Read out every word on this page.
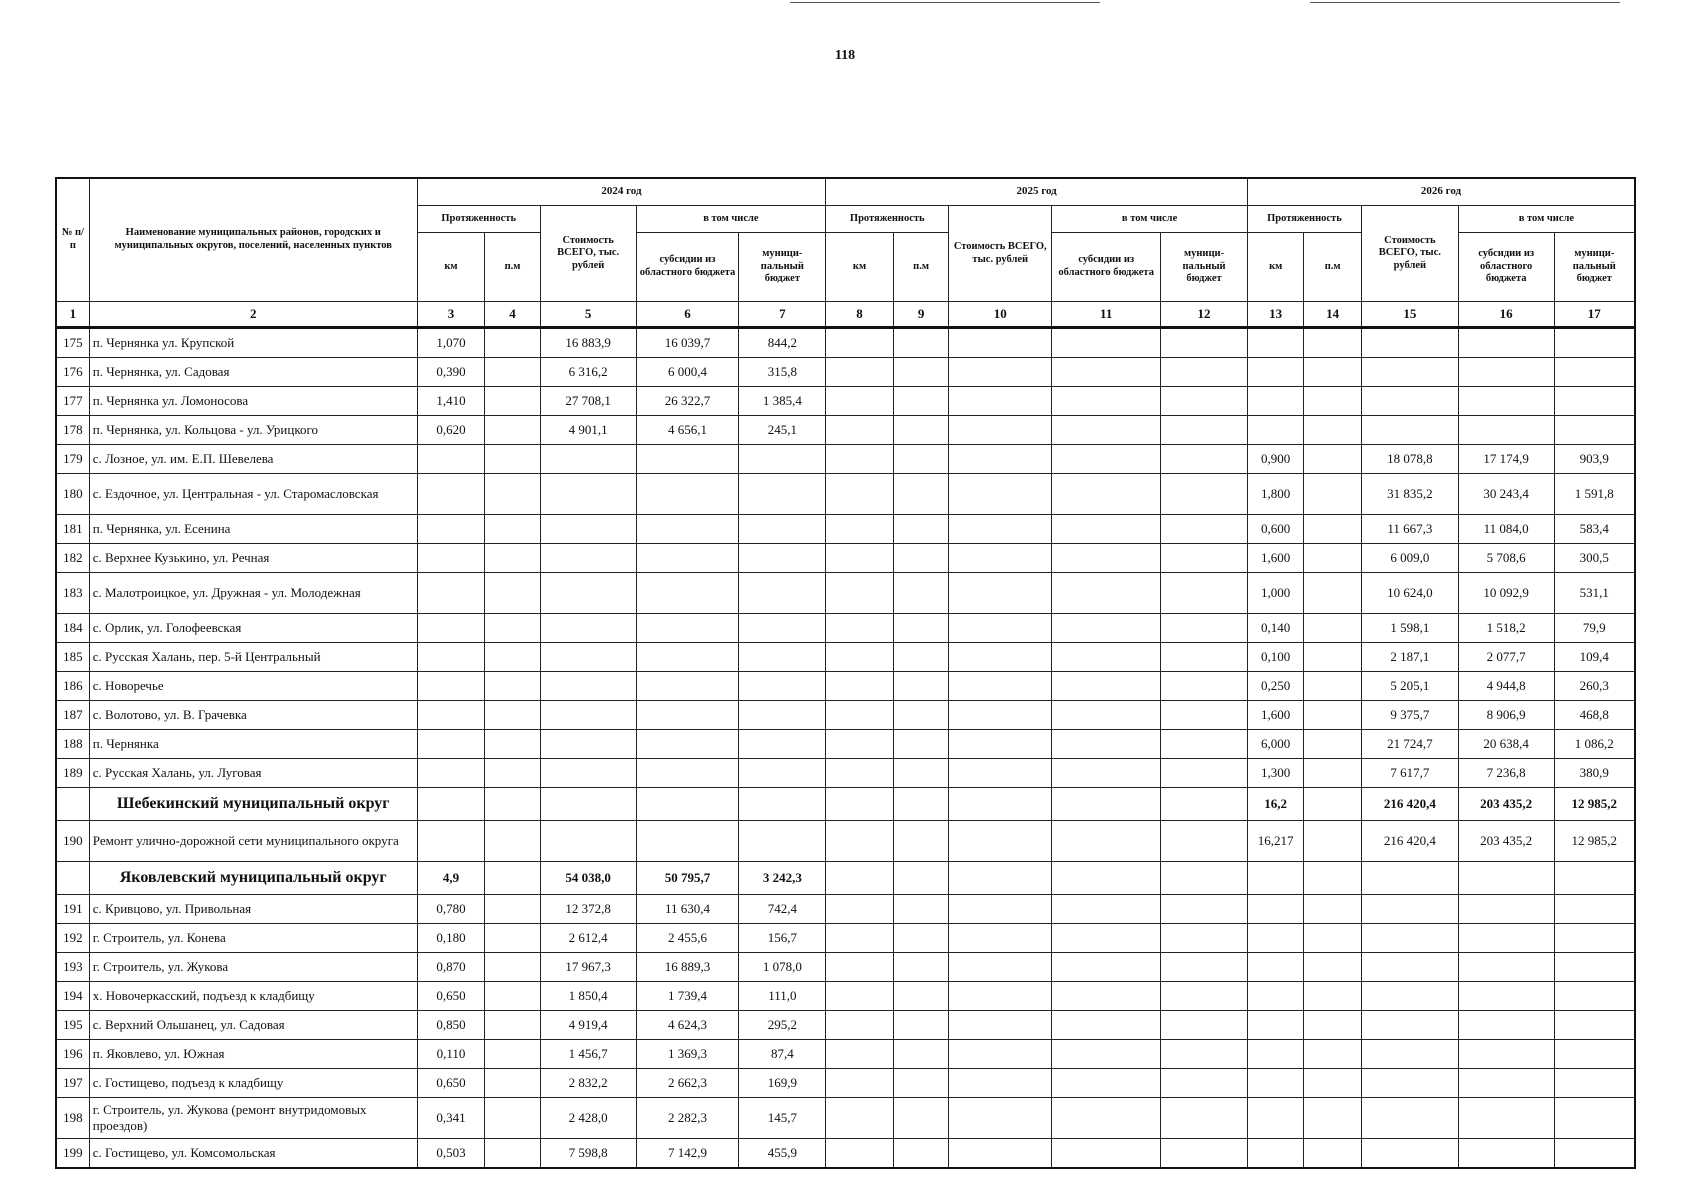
118
№ п/п	Наименование муниципальных районов, городских и муниципальных округов, поселений, населенных пунктов	2024 год					2025 год					2026 год				
		Протяженность		Стоимость ВСЕГО, тыс. рублей	в том числе		Протяженность		Стоимость ВСЕГО, тыс. рублей	в том числе		Протяженность		Стоимость ВСЕГО, тыс. рублей	в том числе	
		км	п.м		субсидии из областного бюджета	муници-пальный бюджет	км	п.м		субсидии из областного бюджета	муници-пальный бюджет	км	п.м		субсидии из областного бюджета	муници-пальный бюджет
1	2	3	4	5	6	7	8	9	10	11	12	13	14	15	16	17
175	п. Чернянка ул. Крупской	1,070		16 883,9	16 039,7	844,2										
176	п. Чернянка, ул. Садовая	0,390		6 316,2	6 000,4	315,8										
177	п. Чернянка ул. Ломоносова	1,410		27 708,1	26 322,7	1 385,4										
178	п. Чернянка, ул. Кольцова - ул. Урицкого	0,620		4 901,1	4 656,1	245,1										
179	с. Лозное, ул. им. Е.П. Шевелева											0,900		18 078,8	17 174,9	903,9
180	с. Ездочное, ул. Центральная - ул. Старомасловская											1,800		31 835,2	30 243,4	1 591,8
181	п. Чернянка, ул. Есенина											0,600		11 667,3	11 084,0	583,4
182	с. Верхнее Кузькино, ул. Речная											1,600		6 009,0	5 708,6	300,5
183	с. Малотроицкое, ул. Дружная - ул. Молодежная											1,000		10 624,0	10 092,9	531,1
184	с. Орлик, ул. Голофеевская											0,140		1 598,1	1 518,2	79,9
185	с. Русская Халань, пер. 5-й Центральный											0,100		2 187,1	2 077,7	109,4
186	с. Новоречье											0,250		5 205,1	4 944,8	260,3
187	с. Волотово, ул. В. Грачевка											1,600		9 375,7	8 906,9	468,8
188	п. Чернянка											6,000		21 724,7	20 638,4	1 086,2
189	с. Русская Халань, ул. Луговая											1,300		7 617,7	7 236,8	380,9
	Шебекинский муниципальный округ											16,2		216 420,4	203 435,2	12 985,2
190	Ремонт улично-дорожной сети муниципального округа											16,217		216 420,4	203 435,2	12 985,2
	Яковлевский муниципальный округ	4,9		54 038,0	50 795,7	3 242,3										
191	с. Кривцово, ул. Привольная	0,780		12 372,8	11 630,4	742,4										
192	г. Строитель, ул. Конева	0,180		2 612,4	2 455,6	156,7										
193	г. Строитель, ул. Жукова	0,870		17 967,3	16 889,3	1 078,0										
194	х. Новочеркасский, подъезд к кладбищу	0,650		1 850,4	1 739,4	111,0										
195	с. Верхний Ольшанец, ул. Садовая	0,850		4 919,4	4 624,3	295,2										
196	п. Яковлево, ул. Южная	0,110		1 456,7	1 369,3	87,4										
197	с. Гостищево, подъезд к кладбищу	0,650		2 832,2	2 662,3	169,9										
198	г. Строитель, ул. Жукова (ремонт внутридомовых проездов)	0,341		2 428,0	2 282,3	145,7										
199	с. Гостищево, ул. Комсомольская	0,503		7 598,8	7 142,9	455,9										
